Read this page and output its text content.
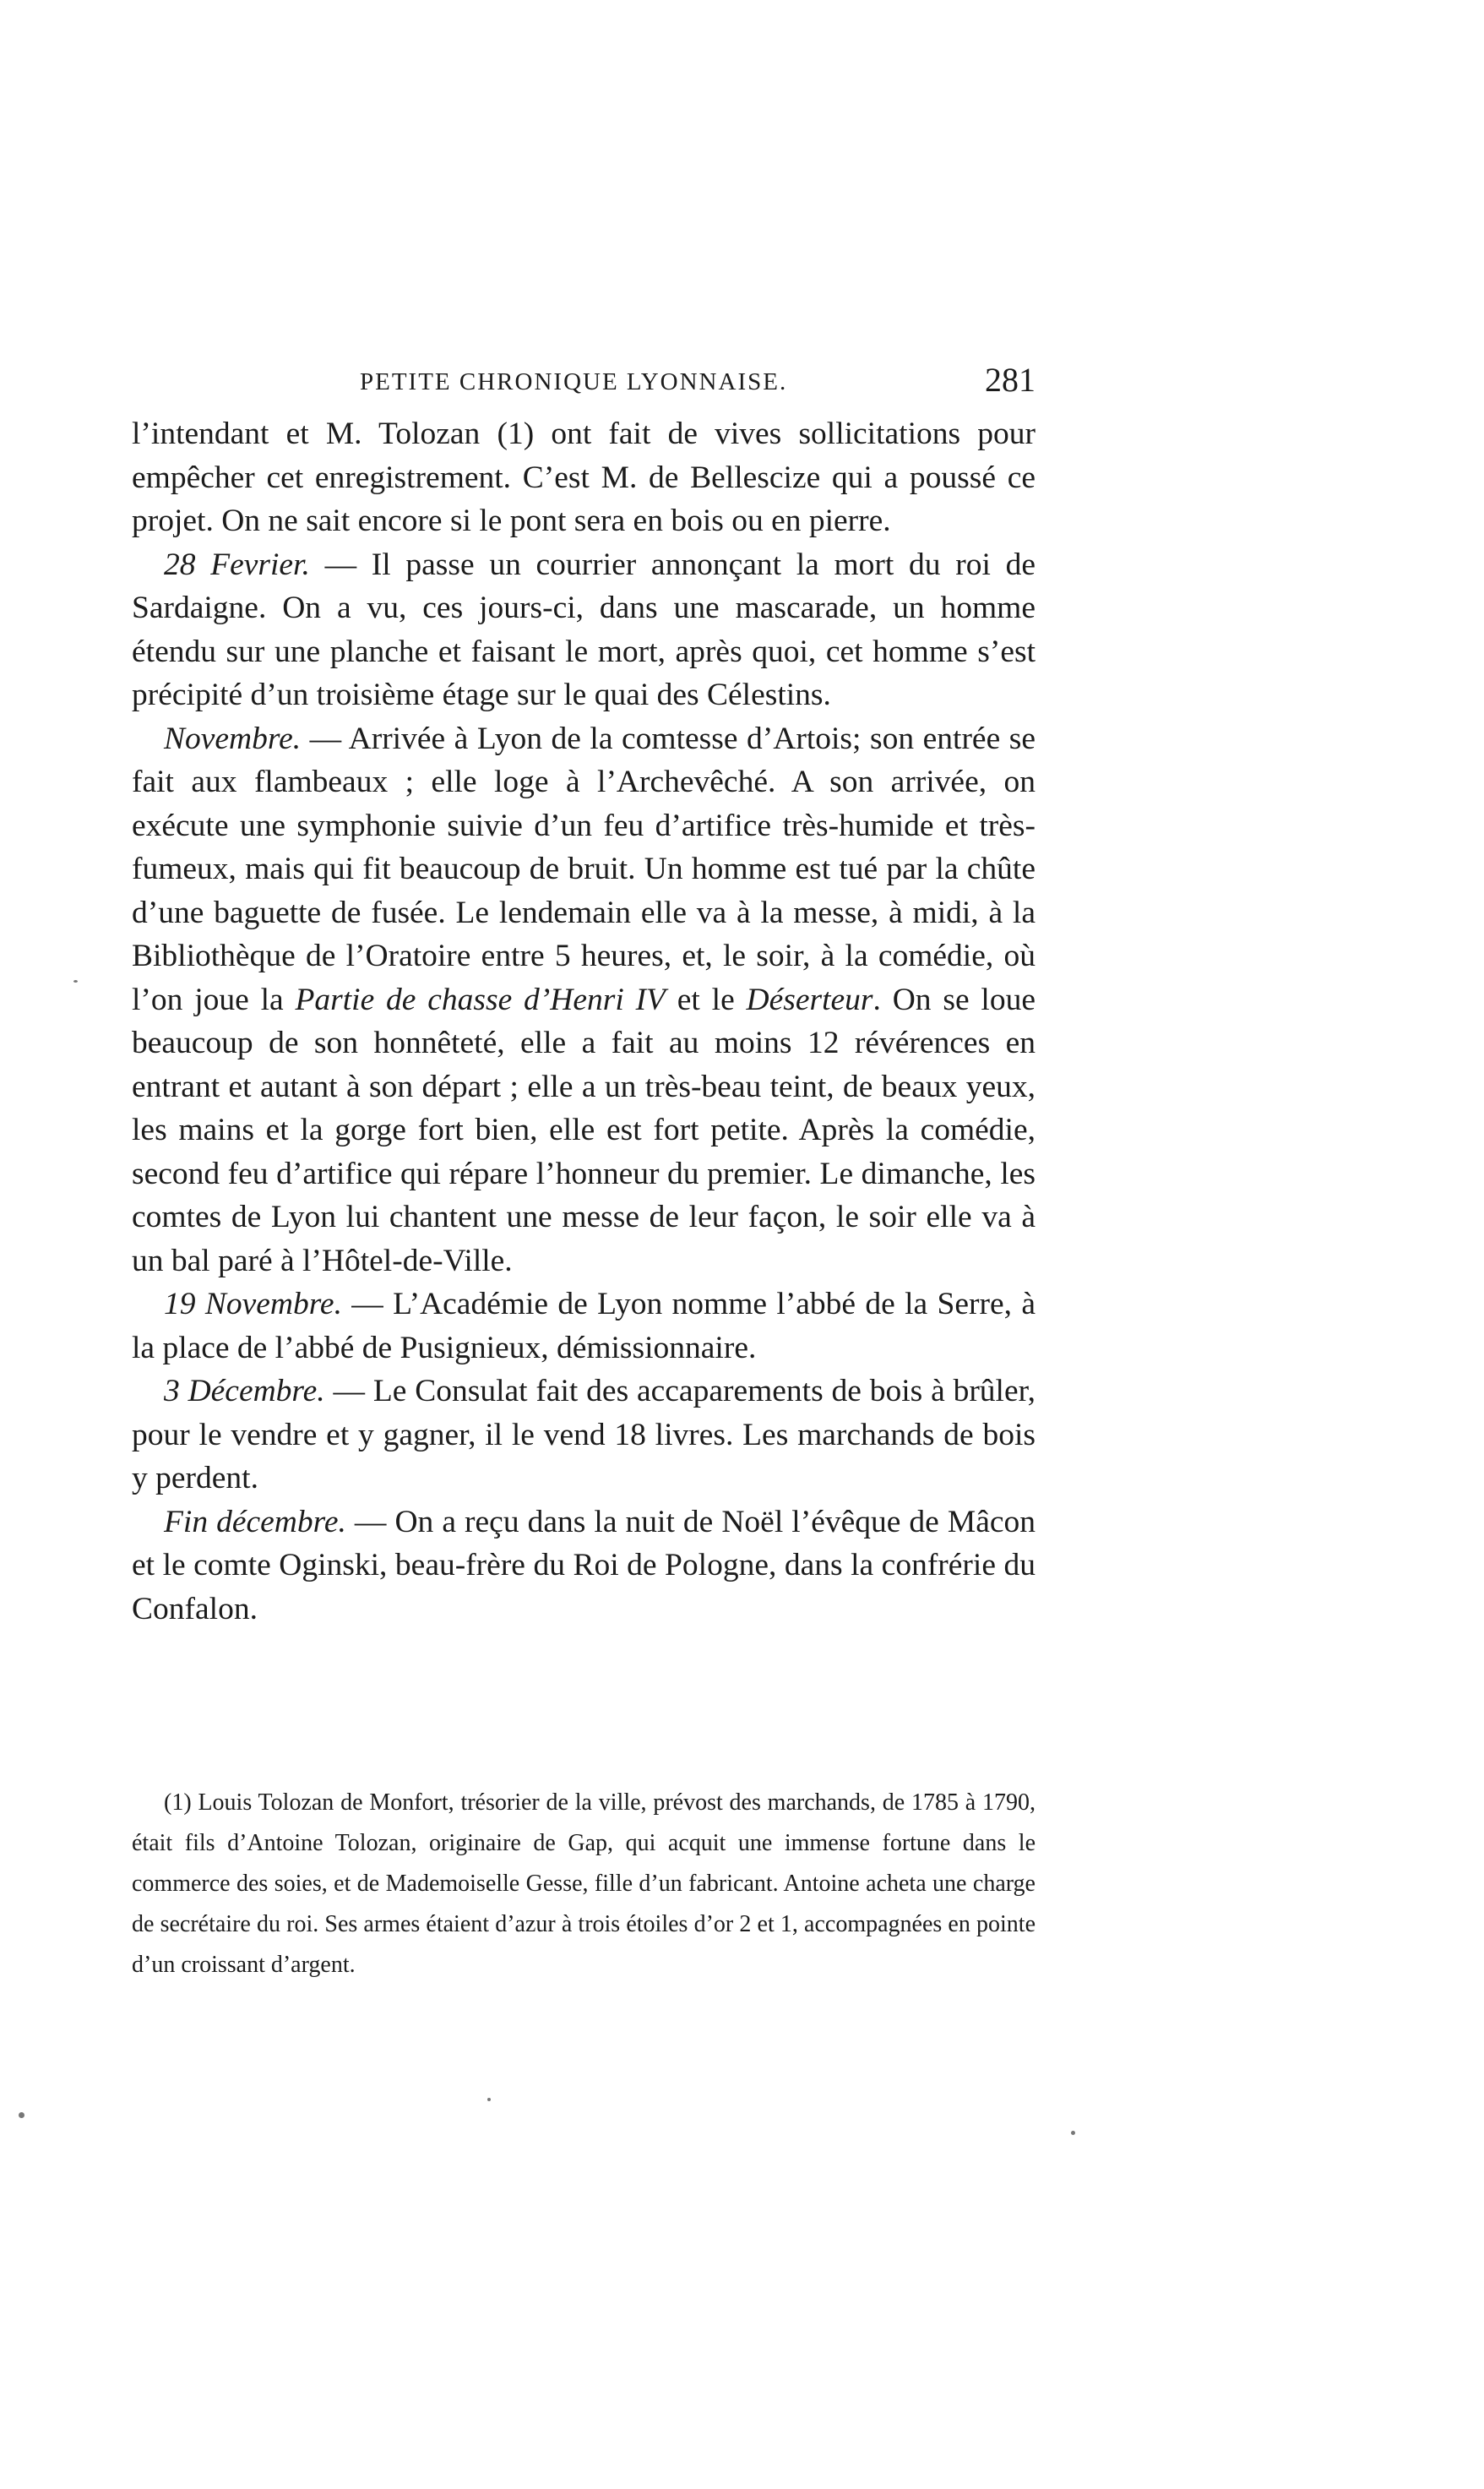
PETITE CHRONIQUE LYONNAISE.	281

l’intendant et M. Tolozan (1) ont fait de vives sollicitations pour empêcher cet enregistrement. C’est M. de Bellescize qui a poussé ce projet. On ne sait encore si le pont sera en bois ou en pierre.

28 Fevrier. — Il passe un courrier annonçant la mort du roi de Sardaigne. On a vu, ces jours-ci, dans une mascarade, un homme étendu sur une planche et faisant le mort, après quoi, cet homme s’est précipité d’un troisième étage sur le quai des Célestins.

Novembre. — Arrivée à Lyon de la comtesse d’Artois; son entrée se fait aux flambeaux ; elle loge à l’Archevêché. A son arrivée, on exécute une symphonie suivie d’un feu d’artifice très-humide et très-fumeux, mais qui fit beaucoup de bruit. Un homme est tué par la chûte d’une baguette de fusée. Le lendemain elle va à la messe, à midi, à la Bibliothèque de l’Oratoire entre 5 heures, et, le soir, à la comédie, où l’on joue la Partie de chasse d’Henri IV et le Déserteur. On se loue beaucoup de son honnêteté, elle a fait au moins 12 révérences en entrant et autant à son départ ; elle a un très-beau teint, de beaux yeux, les mains et la gorge fort bien, elle est fort petite. Après la comédie, second feu d’artifice qui répare l’honneur du premier. Le dimanche, les comtes de Lyon lui chantent une messe de leur façon, le soir elle va à un bal paré à l’Hôtel-de-Ville.

19 Novembre. — L’Académie de Lyon nomme l’abbé de la Serre, à la place de l’abbé de Pusignieux, démissionnaire.

3 Décembre. — Le Consulat fait des accaparements de bois à brûler, pour le vendre et y gagner, il le vend 18 livres. Les marchands de bois y perdent.

Fin décembre. — On a reçu dans la nuit de Noël l’évêque de Mâcon et le comte Oginski, beau-frère du Roi de Pologne, dans la confrérie du Confalon.

(1) Louis Tolozan de Monfort, trésorier de la ville, prévost des marchands, de 1785 à 1790, était fils d’Antoine Tolozan, originaire de Gap, qui acquit une immense fortune dans le commerce des soies, et de Mademoiselle Gesse, fille d’un fabricant. Antoine acheta une charge de secrétaire du roi. Ses armes étaient d’azur à trois étoiles d’or 2 et 1, accompagnées en pointe d’un croissant d’argent.
